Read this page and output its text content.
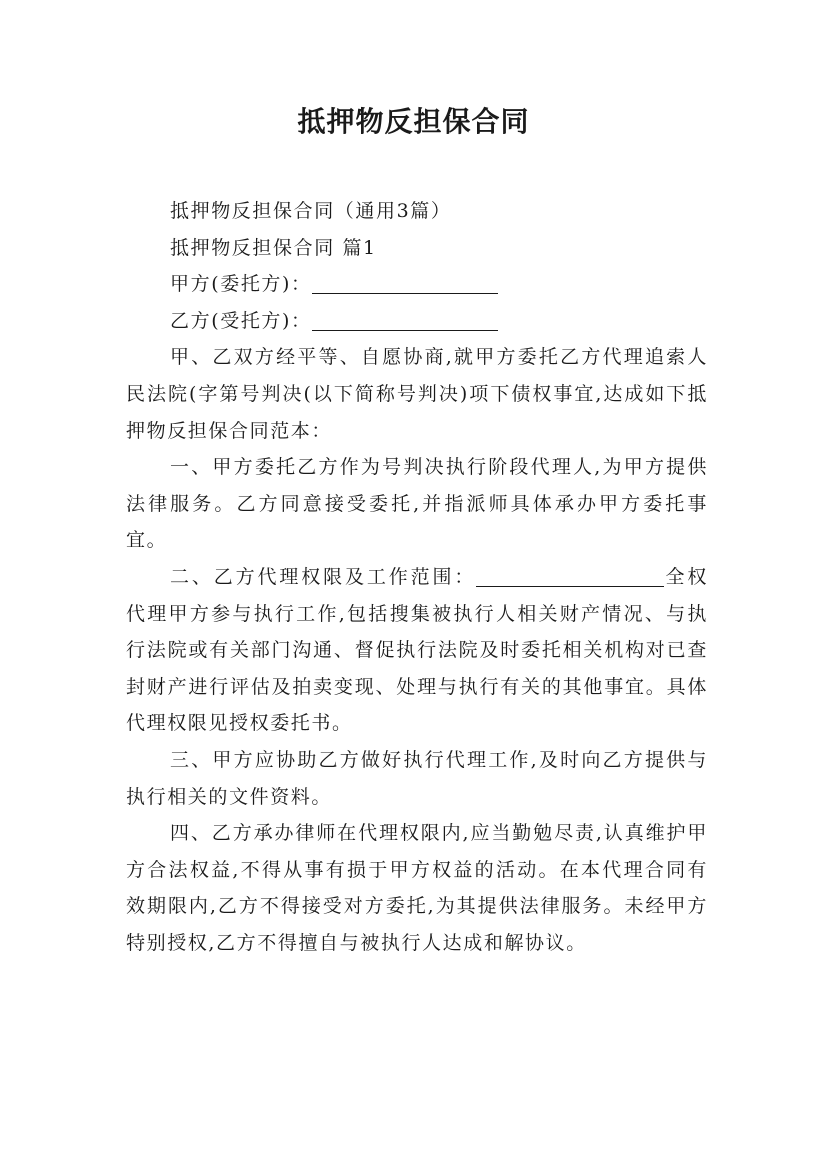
抵押物反担保合同

抵押物反担保合同（通用3篇）

抵押物反担保合同 篇1

甲方(委托方)：

乙方(受托方)：

甲、乙双方经平等、自愿协商,就甲方委托乙方代理追索人民法院(字第号判决(以下简称号判决)项下债权事宜,达成如下抵押物反担保合同范本：

一、甲方委托乙方作为号判决执行阶段代理人,为甲方提供法律服务。乙方同意接受委托,并指派师具体承办甲方委托事宜。

二、乙方代理权限及工作范围：	全权代理甲方参与执行工作,包括搜集被执行人相关财产情况、与执行法院或有关部门沟通、督促执行法院及时委托相关机构对已查封财产进行评估及拍卖变现、处理与执行有关的其他事宜。具体代理权限见授权委托书。

三、甲方应协助乙方做好执行代理工作,及时向乙方提供与执行相关的文件资料。

四、乙方承办律师在代理权限内,应当勤勉尽责,认真维护甲方合法权益,不得从事有损于甲方权益的活动。在本代理合同有效期限内,乙方不得接受对方委托,为其提供法律服务。未经甲方特别授权,乙方不得擅自与被执行人达成和解协议。
